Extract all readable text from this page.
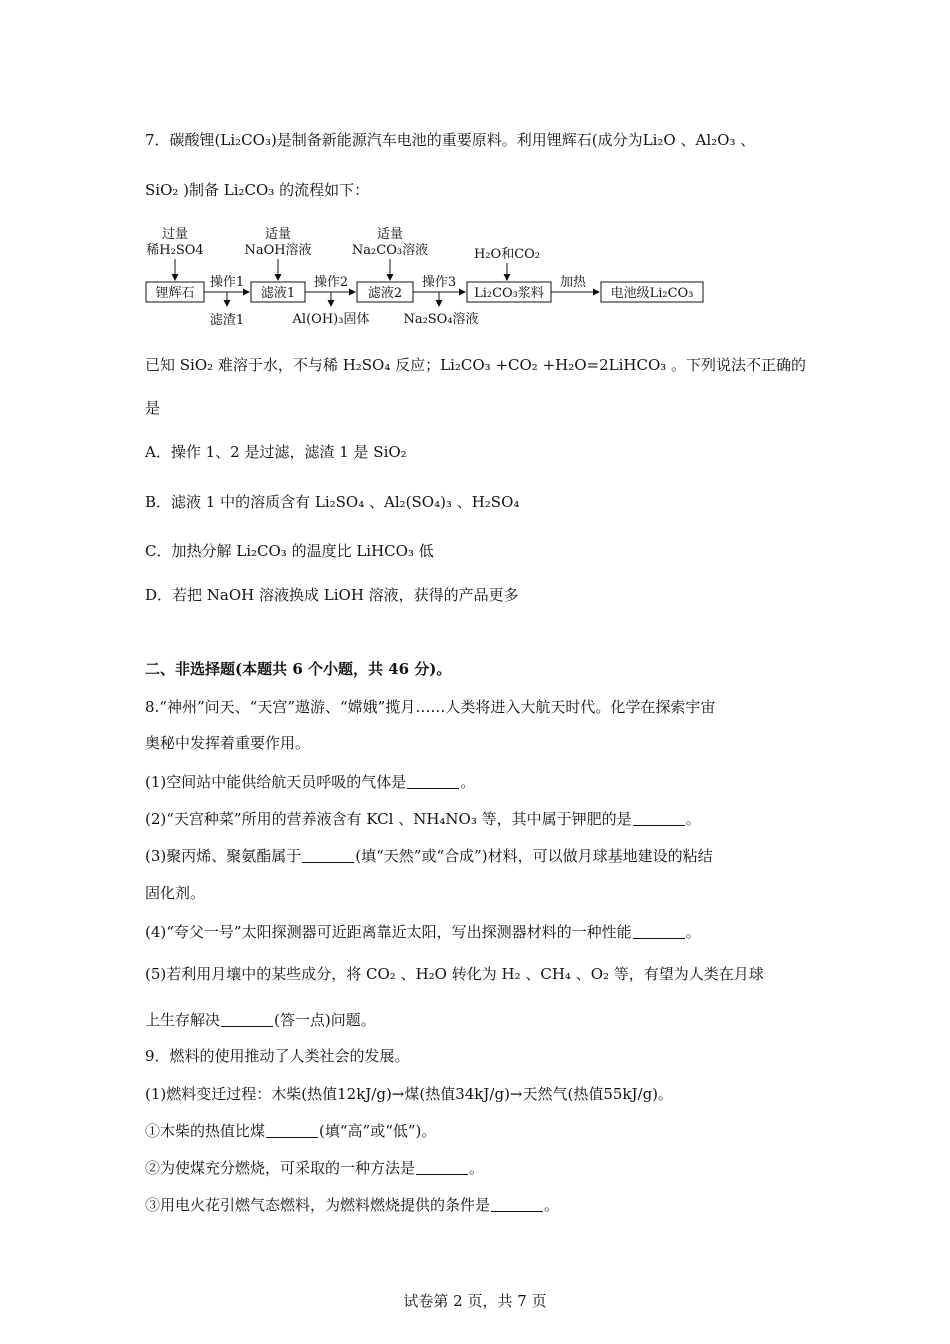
7．碳酸锂(Li₂CO₃)是制备新能源汽车电池的重要原料。利用锂辉石(成分为Li₂O 、Al₂O₃ 、
SiO₂ )制备 Li₂CO₃ 的流程如下：
过量
稀H₂SO4
适量
NaOH溶液
适量
Na₂CO₃溶液	H₂O和CO₂
锂辉石	滤液1	滤液2	Li₂CO₃浆料	电池级Li₂CO₃
操作1	操作2	操作3	加热
滤渣1	Al(OH)₃固体	Na₂SO₄溶液
已知 SiO₂ 难溶于水，不与稀 H₂SO₄ 反应；Li₂CO₃ +CO₂ +H₂O=2LiHCO₃ 。下列说法不正确的
是
A．操作 1、2 是过滤，滤渣 1 是 SiO₂
B．滤液 1 中的溶质含有 Li₂SO₄ 、Al₂(SO₄)₃ 、H₂SO₄
C．加热分解 Li₂CO₃ 的温度比 LiHCO₃ 低
D．若把 NaOH 溶液换成 LiOH 溶液，获得的产品更多
二、非选择题(本题共 6 个小题，共 46 分)。
8.“神州”问天、“天宫”遨游、“嫦娥”揽月……人类将进入大航天时代。化学在探索宇宙
奥秘中发挥着重要作用。
(1)空间站中能供给航天员呼吸的气体是	。
(2)“天宫种菜”所用的营养液含有 KCl 、NH₄NO₃ 等，其中属于钾肥的是	。
(3)聚丙烯、聚氨酯属于	(填“天然”或“合成”)材料，可以做月球基地建设的粘结
固化剂。
(4)“夸父一号”太阳探测器可近距离靠近太阳，写出探测器材料的一种性能	。
(5)若利用月壤中的某些成分，将 CO₂ 、H₂O 转化为 H₂ 、CH₄ 、O₂ 等，有望为人类在月球
上生存解决	(答一点)问题。
9．燃料的使用推动了人类社会的发展。
(1)燃料变迁过程：木柴(热值12kJ/g)→煤(热值34kJ/g)→天然气(热值55kJ/g)。
①木柴的热值比煤	(填“高”或“低”)。
②为使煤充分燃烧，可采取的一种方法是	。
③用电火花引燃气态燃料，为燃料燃烧提供的条件是	。
试卷第 2 页，共 7 页
